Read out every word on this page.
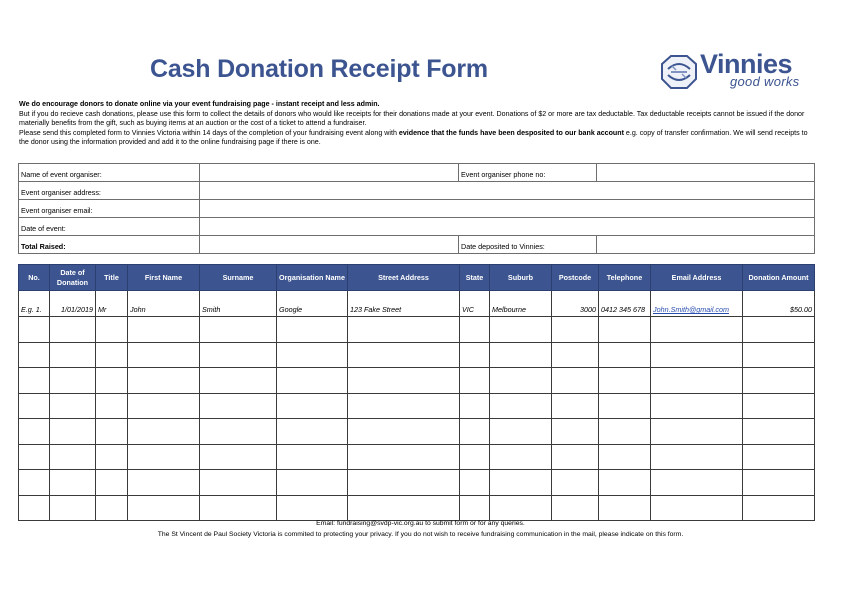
Cash Donation Receipt Form	Vinnies
good works

We do encourage donors to donate online via your event fundraising page - instant receipt and less admin.

But if you do recieve cash donations, please use this form to collect the details of donors who would like receipts for their donations made at your event. Donations of $2 or more are tax deductable. Tax deductable receipts cannot be issued if the donor materially benefits from the gift, such as buying items at an auction or the cost of a ticket to attend a fundraiser.

Please send this completed form to Vinnies Victoria within 14 days of the completion of your fundraising event along with evidence that the funds have been desposited to our bank account e.g. copy of transfer confirmation. We will send receipts to the donor using the information provided and add it to the online fundraising page if there is one.

Name of event organiser:		Event organiser phone no:	
Event organiser address:			
Event organiser email:			
Date of event:			
Total Raised:		Date deposited to Vinnies:	
No.	Date of Donation	Title	First Name	Surname	Organisation Name	Street Address	State	Suburb	Postcode	Telephone	Email Address	Donation Amount
E.g. 1.	1/01/2019	Mr	John	Smith	Google	123 Fake Street	VIC	Melbourne	3000	0412 345 678	John.Smith@gmail.com	$50.00

Email: fundraising@svdp-vic.org.au to submit form or for any queries.
The St Vincent de Paul Society Victoria is commited to protecting your privacy. If you do not wish to receive fundraising communication in the mail, please indicate on this form.
